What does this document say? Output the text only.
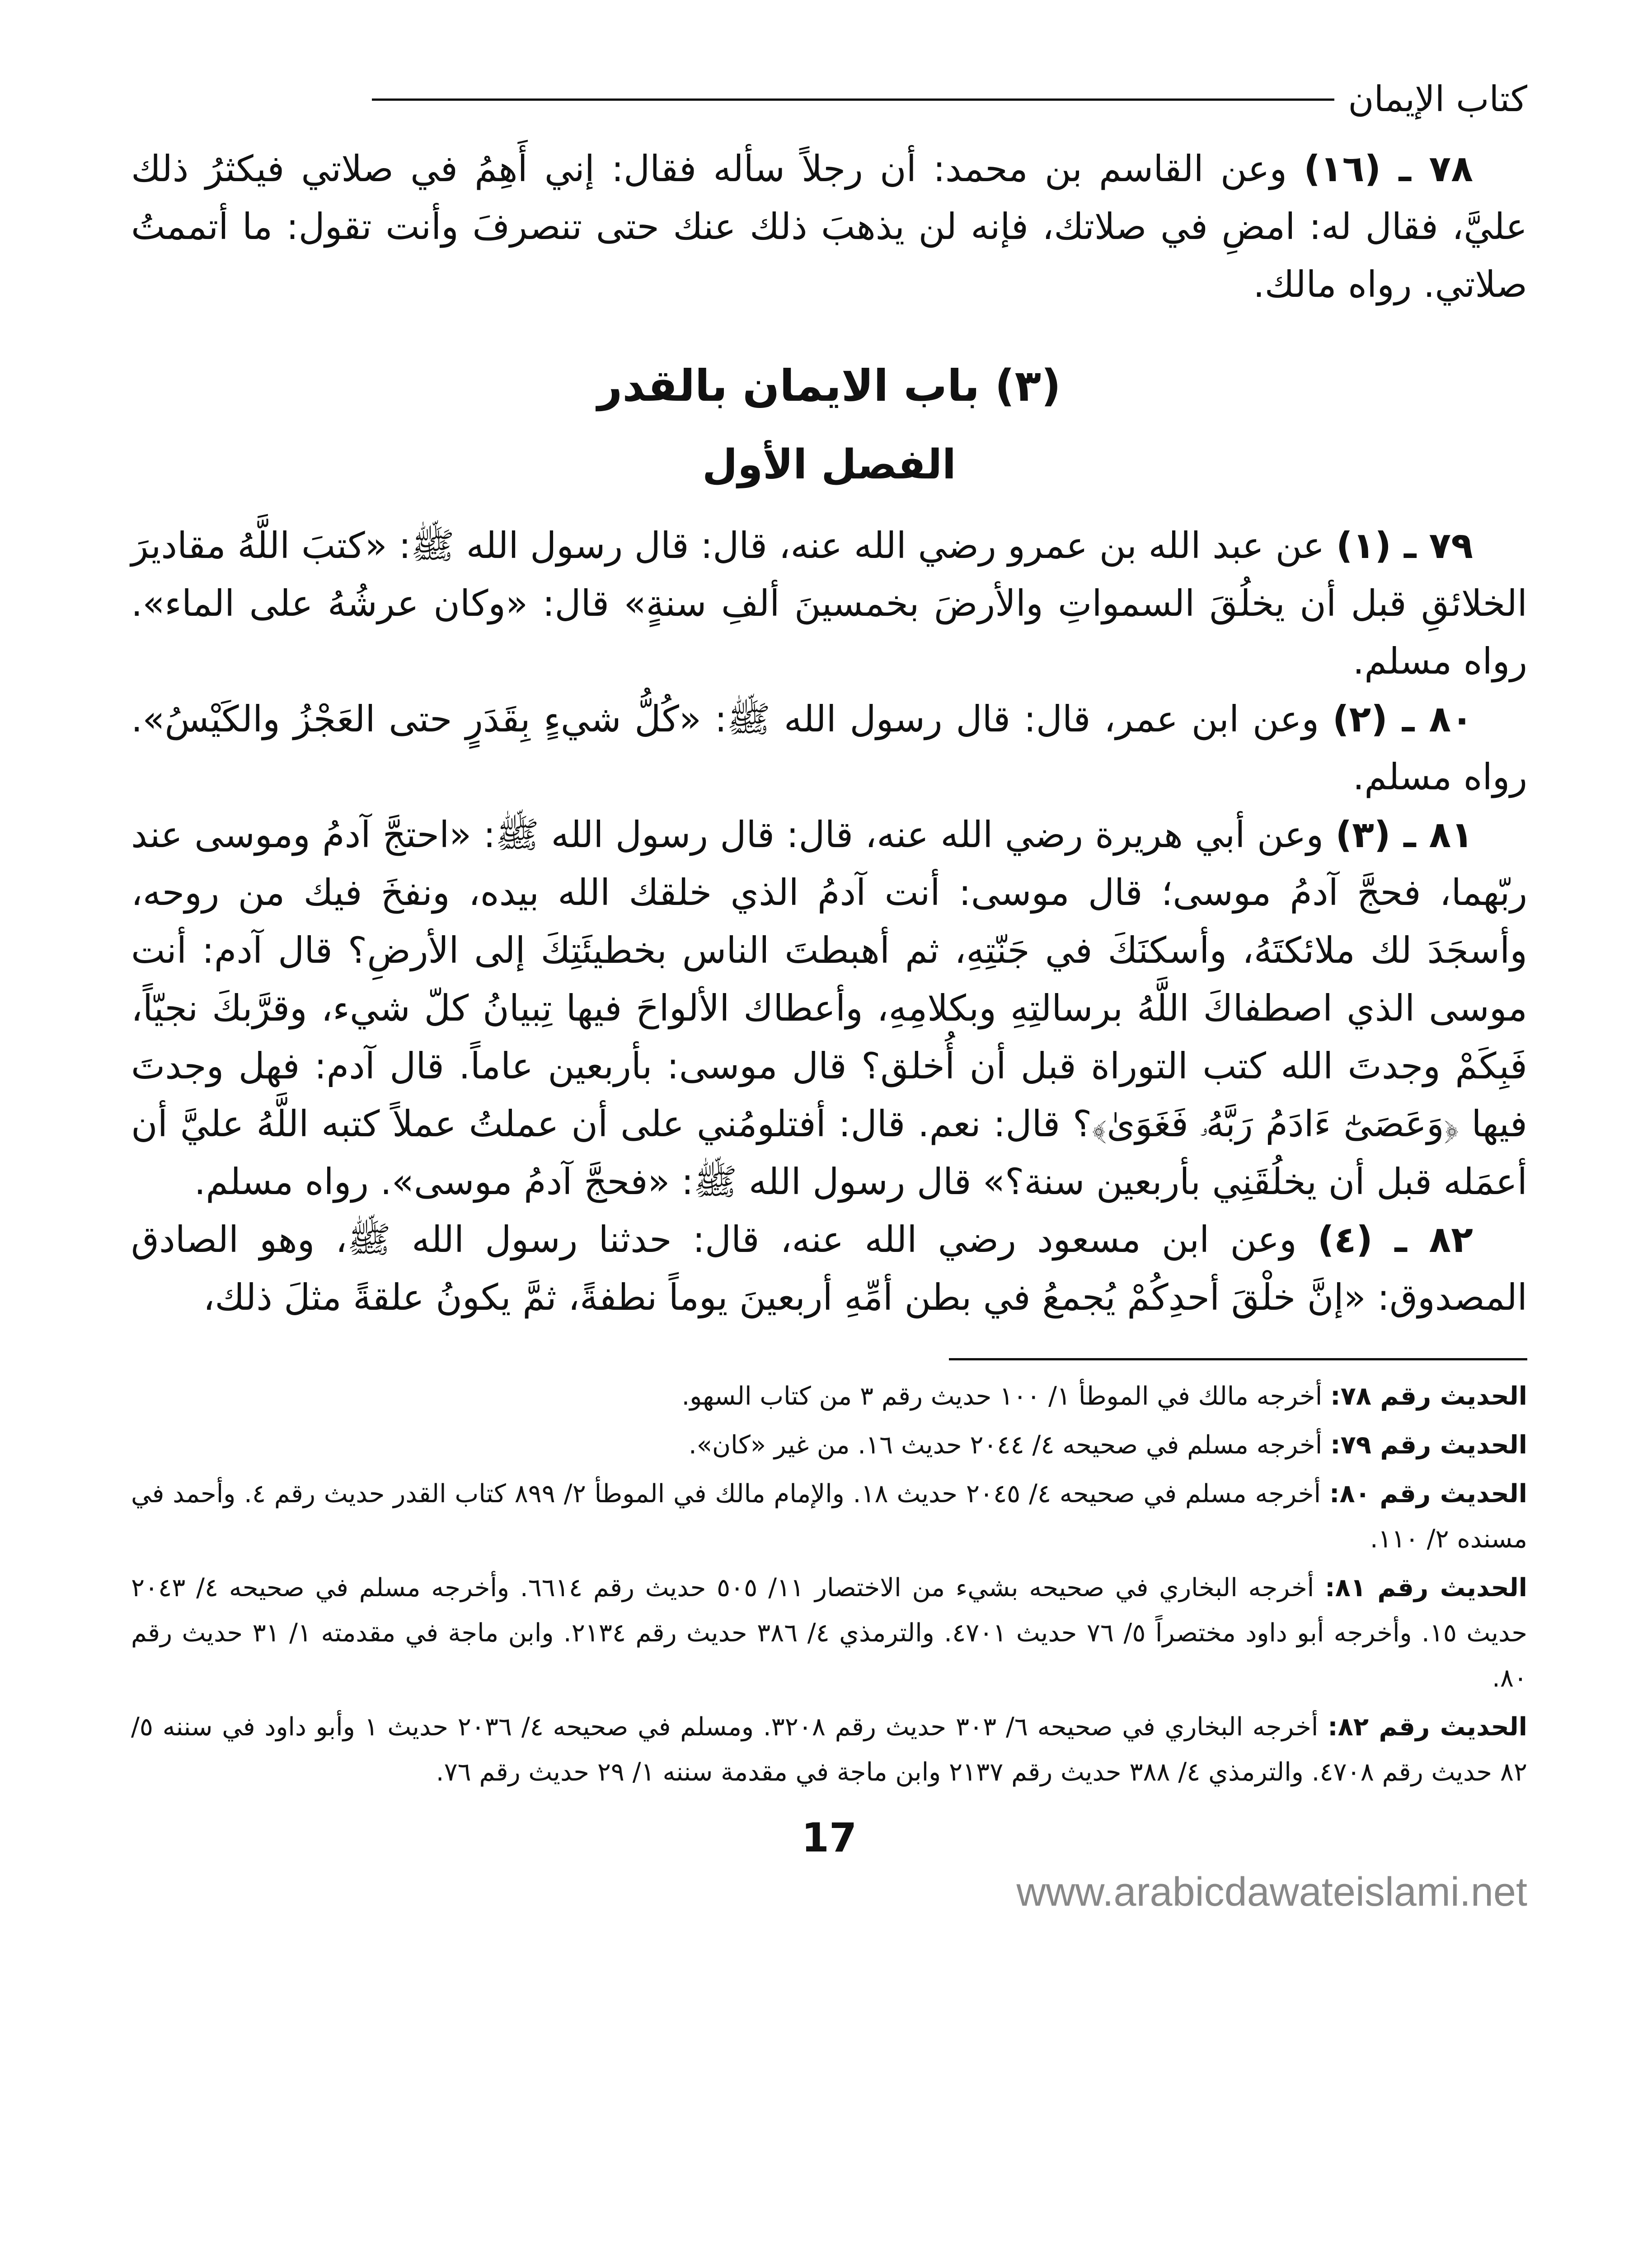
كتاب الإيمان

٧٨ ـ (١٦) وعن القاسم بن محمد: أن رجلاً سأله فقال: إني أَهِمُ في صلاتي فيكثرُ ذلك عليَّ، فقال له: امضِ في صلاتك، فإنه لن يذهبَ ذلك عنك حتى تنصرفَ وأنت تقول: ما أتممتُ صلاتي. رواه مالك.

(٣) باب الايمان بالقدر
الفصل الأول

٧٩ ـ (١) عن عبد الله بن عمرو رضي الله عنه، قال: قال رسول الله ﷺ: «كتبَ اللَّهُ مقاديرَ الخلائقِ قبل أن يخلُقَ السمواتِ والأرضَ بخمسينَ ألفِ سنةٍ» قال: «وكان عرشُهُ على الماء». رواه مسلم.

٨٠ ـ (٢) وعن ابن عمر، قال: قال رسول الله ﷺ: «كُلُّ شيءٍ بِقَدَرٍ حتى العَجْزُ والكَيْسُ». رواه مسلم.

٨١ ـ (٣) وعن أبي هريرة رضي الله عنه، قال: قال رسول الله ﷺ: «احتجَّ آدمُ وموسى عند ربّهما، فحجَّ آدمُ موسى؛ قال موسى: أنت آدمُ الذي خلقك الله بيده، ونفخَ فيك من روحه، وأسجَدَ لك ملائكتَهُ، وأسكنَكَ في جَنّتِهِ، ثم أهبطتَ الناس بخطيئَتِكَ إلى الأرضِ؟ قال آدم: أنت موسى الذي اصطفاكَ اللَّهُ برسالتِهِ وبكلامِهِ، وأعطاك الألواحَ فيها تِبيانُ كلّ شيء، وقرَّبكَ نجيّاً، فَبِكَمْ وجدتَ الله كتب التوراة قبل أن أُخلق؟ قال موسى: بأربعين عاماً. قال آدم: فهل وجدتَ فيها ﴿وَعَصَىٰٓ ءَادَمُ رَبَّهُۥ فَغَوَىٰ﴾؟ قال: نعم. قال: أفتلومُني على أن عملتُ عملاً كتبه اللَّهُ عليَّ أن أعمَله قبل أن يخلُقَنِي بأربعين سنة؟» قال رسول الله ﷺ: «فحجَّ آدمُ موسى». رواه مسلم.

٨٢ ـ (٤) وعن ابن مسعود رضي الله عنه، قال: حدثنا رسول الله ﷺ، وهو الصادق المصدوق: «إنَّ خلْقَ أحدِكُمْ يُجمعُ في بطن أمِّهِ أربعينَ يوماً نطفةً، ثمَّ يكونُ علقةً مثلَ ذلك،

الحديث رقم ٧٨: أخرجه مالك في الموطأ ١/ ١٠٠ حديث رقم ٣ من كتاب السهو.

الحديث رقم ٧٩: أخرجه مسلم في صحيحه ٤/ ٢٠٤٤ حديث ١٦. من غير «كان».

الحديث رقم ٨٠: أخرجه مسلم في صحيحه ٤/ ٢٠٤٥ حديث ١٨. والإمام مالك في الموطأ ٢/ ٨٩٩ كتاب القدر حديث رقم ٤. وأحمد في مسنده ٢/ ١١٠.

الحديث رقم ٨١: أخرجه البخاري في صحيحه بشيء من الاختصار ١١/ ٥٠٥ حديث رقم ٦٦١٤. وأخرجه مسلم في صحيحه ٤/ ٢٠٤٣ حديث ١٥. وأخرجه أبو داود مختصراً ٥/ ٧٦ حديث ٤٧٠١. والترمذي ٤/ ٣٨٦ حديث رقم ٢١٣٤. وابن ماجة في مقدمته ١/ ٣١ حديث رقم ٨٠.

الحديث رقم ٨٢: أخرجه البخاري في صحيحه ٦/ ٣٠٣ حديث رقم ٣٢٠٨. ومسلم في صحيحه ٤/ ٢٠٣٦ حديث ١ وأبو داود في سننه ٥/ ٨٢ حديث رقم ٤٧٠٨. والترمذي ٤/ ٣٨٨ حديث رقم ٢١٣٧ وابن ماجة في مقدمة سننه ١/ ٢٩ حديث رقم ٧٦.

17
www.arabicdawateislami.net
